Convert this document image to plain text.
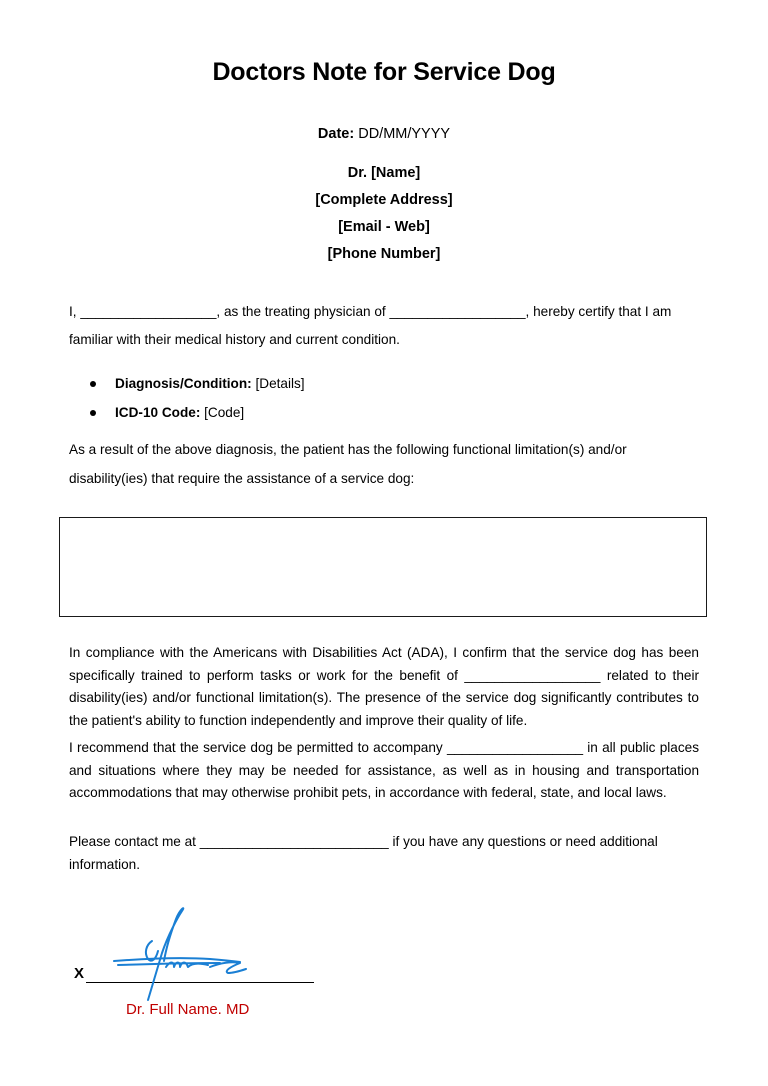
Doctors Note for Service Dog
Date: DD/MM/YYYY
Dr. [Name]
[Complete Address]
[Email - Web]
[Phone Number]
I, __________________, as the treating physician of __________________, hereby certify that I am familiar with their medical history and current condition.
Diagnosis/Condition:
[Details]
ICD-10 Code:
[Code]
As a result of the above diagnosis, the patient has the following functional limitation(s) and/or disability(ies) that require the assistance of a service dog:
In compliance with the Americans with Disabilities Act (ADA), I confirm that the service dog has been specifically trained to perform tasks or work for the benefit of __________________ related to their disability(ies) and/or functional limitation(s). The presence of the service dog significantly contributes to the patient's ability to function independently and improve their quality of life.
I recommend that the service dog be permitted to accompany __________________ in all public places and situations where they may be needed for assistance, as well as in housing and transportation accommodations that may otherwise prohibit pets, in accordance with federal, state, and local laws.
Please contact me at _________________________ if you have any questions or need additional information.
X
Dr. Full Name. MD
